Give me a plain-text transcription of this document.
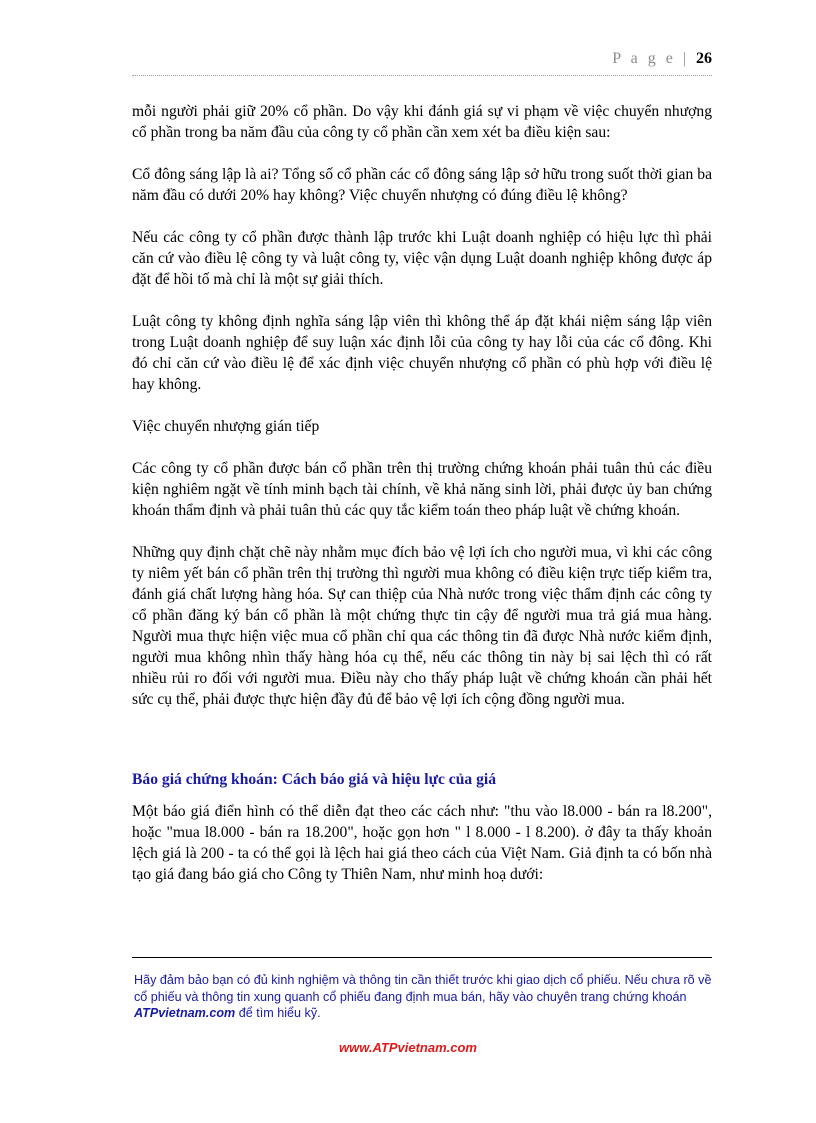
P a g e | 26

mỗi người phải giữ 20% cổ phần. Do vậy khi đánh giá sự vi phạm về việc chuyển nhượng cổ phần trong ba năm đầu của công ty cổ phần cần xem xét ba điều kiện sau:

Cổ đông sáng lập là ai? Tổng số cổ phần các cổ đông sáng lập sở hữu trong suốt thời gian ba năm đầu có dưới 20% hay không? Việc chuyển nhượng có đúng điều lệ không?

Nếu các công ty cổ phần được thành lập trước khi Luật doanh nghiệp có hiệu lực thì phải căn cứ vào điều lệ công ty và luật công ty, việc vận dụng Luật doanh nghiệp không được áp đặt để hồi tố mà chỉ là một sự giải thích.

Luật công ty không định nghĩa sáng lập viên thì không thể áp đặt khái niệm sáng lập viên trong Luật doanh nghiệp để suy luận xác định lỗi của công ty hay lỗi của các cổ đông. Khi đó chỉ căn cứ vào điều lệ để xác định việc chuyển nhượng cổ phần có phù hợp với điều lệ hay không.

Việc chuyển nhượng gián tiếp

Các công ty cổ phần được bán cổ phần trên thị trường chứng khoán phải tuân thủ các điều kiện nghiêm ngặt về tính minh bạch tài chính, về khả năng sinh lời, phải được ủy ban chứng khoán thẩm định và phải tuân thủ các quy tắc kiểm toán theo pháp luật về chứng khoán.

Những quy định chặt chẽ này nhằm mục đích bảo vệ lợi ích cho người mua, vì khi các công ty niêm yết bán cổ phần trên thị trường thì người mua không có điều kiện trực tiếp kiểm tra, đánh giá chất lượng hàng hóa. Sự can thiệp của Nhà nước trong việc thẩm định các công ty cổ phần đăng ký bán cổ phần là một chứng thực tin cậy để người mua trả giá mua hàng. Người mua thực hiện việc mua cổ phần chỉ qua các thông tin đã được Nhà nước kiểm định, người mua không nhìn thấy hàng hóa cụ thể, nếu các thông tin này bị sai lệch thì có rất nhiều rủi ro đối với người mua. Điều này cho thấy pháp luật về chứng khoán cần phải hết sức cụ thể, phải được thực hiện đầy đủ để bảo vệ lợi ích cộng đồng người mua.

Báo giá chứng khoán: Cách báo giá và hiệu lực của giá

Một báo giá điển hình có thể diễn đạt theo các cách như: "thu vào l8.000 - bán ra l8.200", hoặc "mua l8.000 - bán ra 18.200", hoặc gọn hơn " l 8.000 - l 8.200). ở đây ta thấy khoản lệch giá là 200 - ta có thể gọi là lệch hai giá theo cách của Việt Nam. Giả định ta có bốn nhà tạo giá đang báo giá cho Công ty Thiên Nam, như minh hoạ dưới:

Hãy đảm bảo bạn có đủ kinh nghiệm và thông tin cần thiết trước khi giao dịch cổ phiếu. Nếu chưa rõ về cổ phiếu và thông tin xung quanh cổ phiếu đang định mua bán, hãy vào chuyên trang chứng khoán ATPvietnam.com để tìm hiểu kỹ.
www.ATPvietnam.com
